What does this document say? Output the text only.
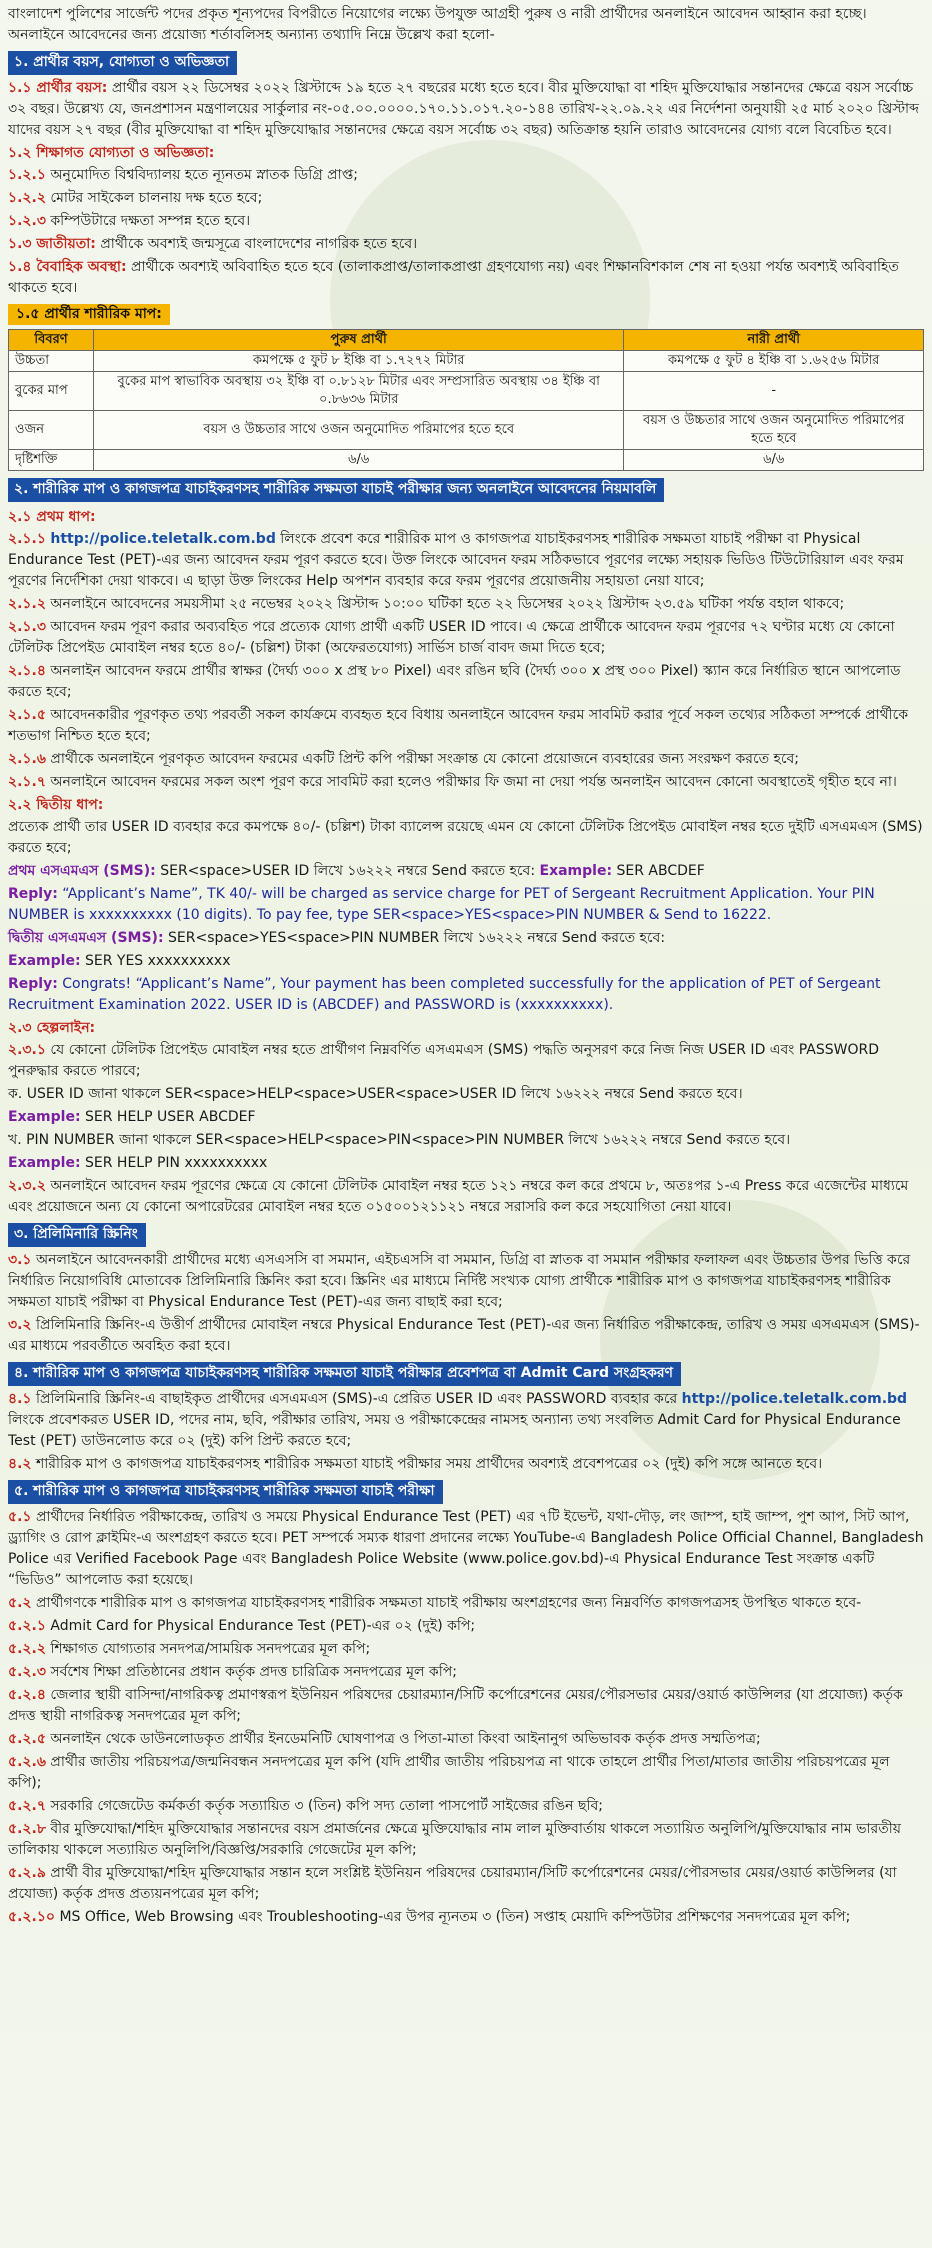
বাংলাদেশ পুলিশের সার্জেন্ট পদের প্রকৃত শূন্যপদের বিপরীতে নিয়োগের লক্ষ্যে উপযুক্ত আগ্রহী পুরুষ ও নারী প্রার্থীদের অনলাইনে আবেদন আহ্বান করা হচ্ছে। অনলাইনে আবেদনের জন্য প্রয়োজ্য শর্তাবলিসহ অন্যান্য তথ্যাদি নিম্নে উল্লেখ করা হলো-

১. প্রার্থীর বয়স, যোগ্যতা ও অভিজ্ঞতা

১.১ প্রার্থীর বয়স: প্রার্থীর বয়স ২২ ডিসেম্বর ২০২২ খ্রিস্টাব্দে ১৯ হতে ২৭ বছরের মধ্যে হতে হবে। বীর মুক্তিযোদ্ধা বা শহিদ মুক্তিযোদ্ধার সন্তানদের ক্ষেত্রে বয়স সর্বোচ্চ ৩২ বছর। উল্লেখ্য যে, জনপ্রশাসন মন্ত্রণালয়ের সার্কুলার নং-০৫.০০.০০০০.১৭০.১১.০১৭.২০-১৪৪ তারিখ-২২.০৯.২২ এর নির্দেশনা অনুযায়ী ২৫ মার্চ ২০২০ খ্রিস্টাব্দ যাদের বয়স ২৭ বছর (বীর মুক্তিযোদ্ধা বা শহিদ মুক্তিযোদ্ধার সন্তানদের ক্ষেত্রে বয়স সর্বোচ্চ ৩২ বছর) অতিক্রান্ত হয়নি তারাও আবেদনের যোগ্য বলে বিবেচিত হবে।

১.২ শিক্ষাগত যোগ্যতা ও অভিজ্ঞতা:

১.২.১ অনুমোদিত বিশ্ববিদ্যালয় হতে ন্যূনতম স্নাতক ডিগ্রি প্রাপ্ত;

১.২.২ মোটর সাইকেল চালনায় দক্ষ হতে হবে;

১.২.৩ কম্পিউটারে দক্ষতা সম্পন্ন হতে হবে।

১.৩ জাতীয়তা: প্রার্থীকে অবশ্যই জন্মসূত্রে বাংলাদেশের নাগরিক হতে হবে।

১.৪ বৈবাহিক অবস্থা: প্রার্থীকে অবশ্যই অবিবাহিত হতে হবে (তালাকপ্রাপ্ত/তালাকপ্রাপ্তা গ্রহণযোগ্য নয়) এবং শিক্ষানবিশকাল শেষ না হওয়া পর্যন্ত অবশ্যই অবিবাহিত থাকতে হবে।

১.৫ প্রার্থীর শারীরিক মাপ:
বিবরণ	পুরুষ প্রার্থী	নারী প্রার্থী
উচ্চতা	কমপক্ষে ৫ ফুট ৮ ইঞ্চি বা ১.৭২৭২ মিটার	কমপক্ষে ৫ ফুট ৪ ইঞ্চি বা ১.৬২৫৬ মিটার
বুকের মাপ	বুকের মাপ স্বাভাবিক অবস্থায় ৩২ ইঞ্চি বা ০.৮১২৮ মিটার এবং সম্প্রসারিত অবস্থায় ৩৪ ইঞ্চি বা ০.৮৬৩৬ মিটার	-
ওজন	বয়স ও উচ্চতার সাথে ওজন অনুমোদিত পরিমাপের হতে হবে	বয়স ও উচ্চতার সাথে ওজন অনুমোদিত পরিমাপের হতে হবে
দৃষ্টিশক্তি	৬/৬	৬/৬
২. শারীরিক মাপ ও কাগজপত্র যাচাইকরণসহ শারীরিক সক্ষমতা যাচাই পরীক্ষার জন্য অনলাইনে আবেদনের নিয়মাবলি
২.১ প্রথম ধাপ:

২.১.১ http://police.teletalk.com.bd লিংকে প্রবেশ করে শারীরিক মাপ ও কাগজপত্র যাচাইকরণসহ শারীরিক সক্ষমতা যাচাই পরীক্ষা বা Physical Endurance Test (PET)-এর জন্য আবেদন ফরম পূরণ করতে হবে। উক্ত লিংকে আবেদন ফরম সঠিকভাবে পূরণের লক্ষ্যে সহায়ক ভিডিও টিউটোরিয়াল এবং ফরম পূরণের নির্দেশিকা দেয়া থাকবে। এ ছাড়া উক্ত লিংকের Help অপশন ব্যবহার করে ফরম পূরণের প্রয়োজনীয় সহায়তা নেয়া যাবে;

২.১.২ অনলাইনে আবেদনের সময়সীমা ২৫ নভেম্বর ২০২২ খ্রিস্টাব্দ ১০:০০ ঘটিকা হতে ২২ ডিসেম্বর ২০২২ খ্রিস্টাব্দ ২৩.৫৯ ঘটিকা পর্যন্ত বহাল থাকবে;

২.১.৩ আবেদন ফরম পূরণ করার অব্যবহিত পরে প্রত্যেক যোগ্য প্রার্থী একটি USER ID পাবে। এ ক্ষেত্রে প্রার্থীকে আবেদন ফরম পূরণের ৭২ ঘণ্টার মধ্যে যে কোনো টেলিটক প্রিপেইড মোবাইল নম্বর হতে ৪০/- (চল্লিশ) টাকা (অফেরতযোগ্য) সার্ভিস চার্জ বাবদ জমা দিতে হবে;

২.১.৪ অনলাইন আবেদন ফরমে প্রার্থীর স্বাক্ষর (দৈর্ঘ্য ৩০০ x প্রস্থ ৮০ Pixel) এবং রঙিন ছবি (দৈর্ঘ্য ৩০০ x প্রস্থ ৩০০ Pixel) স্ক্যান করে নির্ধারিত স্থানে আপলোড করতে হবে;

২.১.৫ আবেদনকারীর পূরণকৃত তথ্য পরবর্তী সকল কার্যক্রমে ব্যবহৃত হবে বিধায় অনলাইনে আবেদন ফরম সাবমিট করার পূর্বে সকল তথ্যের সঠিকতা সম্পর্কে প্রার্থীকে শতভাগ নিশ্চিত হতে হবে;

২.১.৬ প্রার্থীকে অনলাইনে পূরণকৃত আবেদন ফরমের একটি প্রিন্ট কপি পরীক্ষা সংক্রান্ত যে কোনো প্রয়োজনে ব্যবহারের জন্য সংরক্ষণ করতে হবে;

২.১.৭ অনলাইনে আবেদন ফরমের সকল অংশ পূরণ করে সাবমিট করা হলেও পরীক্ষার ফি জমা না দেয়া পর্যন্ত অনলাইন আবেদন কোনো অবস্থাতেই গৃহীত হবে না।

২.২ দ্বিতীয় ধাপ:

প্রত্যেক প্রার্থী তার USER ID ব্যবহার করে কমপক্ষে ৪০/- (চল্লিশ) টাকা ব্যালেন্স রয়েছে এমন যে কোনো টেলিটক প্রিপেইড মোবাইল নম্বর হতে দুইটি এসএমএস (SMS) করতে হবে;

প্রথম এসএমএস (SMS): SER<space>USER ID লিখে ১৬২২২ নম্বরে Send করতে হবে: Example: SER ABCDEF

Reply: “Applicant’s Name”, TK 40/- will be charged as service charge for PET of Sergeant Recruitment Application. Your PIN NUMBER is xxxxxxxxxx (10 digits). To pay fee, type SER<space>YES<space>PIN NUMBER & Send to 16222.

দ্বিতীয় এসএমএস (SMS): SER<space>YES<space>PIN NUMBER লিখে ১৬২২২ নম্বরে Send করতে হবে:

Example: SER YES xxxxxxxxxx

Reply: Congrats! “Applicant’s Name”, Your payment has been completed successfully for the application of PET of Sergeant Recruitment Examination 2022. USER ID is (ABCDEF) and PASSWORD is (xxxxxxxxxx).

২.৩ হেল্পলাইন:

২.৩.১ যে কোনো টেলিটক প্রিপেইড মোবাইল নম্বর হতে প্রার্থীগণ নিম্নবর্ণিত এসএমএস (SMS) পদ্ধতি অনুসরণ করে নিজ নিজ USER ID এবং PASSWORD পুনরুদ্ধার করতে পারবে;

ক. USER ID জানা থাকলে SER<space>HELP<space>USER<space>USER ID লিখে ১৬২২২ নম্বরে Send করতে হবে।

Example: SER HELP USER ABCDEF

খ. PIN NUMBER জানা থাকলে SER<space>HELP<space>PIN<space>PIN NUMBER লিখে ১৬২২২ নম্বরে Send করতে হবে।

Example: SER HELP PIN xxxxxxxxxx

২.৩.২ অনলাইনে আবেদন ফরম পূরণের ক্ষেত্রে যে কোনো টেলিটক মোবাইল নম্বর হতে ১২১ নম্বরে কল করে প্রথমে ৮, অতঃপর ১-এ Press করে এজেন্টের মাধ্যমে এবং প্রয়োজনে অন্য যে কোনো অপারেটরের মোবাইল নম্বর হতে ০১৫০০১২১১২১ নম্বরে সরাসরি কল করে সহযোগিতা নেয়া যাবে।

৩. প্রিলিমিনারি স্ক্রিনিং

৩.১ অনলাইনে আবেদনকারী প্রার্থীদের মধ্যে এসএসসি বা সমমান, এইচএসসি বা সমমান, ডিগ্রি বা স্নাতক বা সমমান পরীক্ষার ফলাফল এবং উচ্চতার উপর ভিত্তি করে নির্ধারিত নিয়োগবিধি মোতাবেক প্রিলিমিনারি স্ক্রিনিং করা হবে। স্ক্রিনিং এর মাধ্যমে নির্দিষ্ট সংখ্যক যোগ্য প্রার্থীকে শারীরিক মাপ ও কাগজপত্র যাচাইকরণসহ শারীরিক সক্ষমতা যাচাই পরীক্ষা বা Physical Endurance Test (PET)-এর জন্য বাছাই করা হবে;

৩.২ প্রিলিমিনারি স্ক্রিনিং-এ উত্তীর্ণ প্রার্থীদের মোবাইল নম্বরে Physical Endurance Test (PET)-এর জন্য নির্ধারিত পরীক্ষাকেন্দ্র, তারিখ ও সময় এসএমএস (SMS)-এর মাধ্যমে পরবর্তীতে অবহিত করা হবে।

৪. শারীরিক মাপ ও কাগজপত্র যাচাইকরণসহ শারীরিক সক্ষমতা যাচাই পরীক্ষার প্রবেশপত্র বা Admit Card সংগ্রহকরণ

৪.১ প্রিলিমিনারি স্ক্রিনিং-এ বাছাইকৃত প্রার্থীদের এসএমএস (SMS)-এ প্রেরিত USER ID এবং PASSWORD ব্যবহার করে http://police.teletalk.com.bd লিংকে প্রবেশকরত USER ID, পদের নাম, ছবি, পরীক্ষার তারিখ, সময় ও পরীক্ষাকেন্দ্রের নামসহ অন্যান্য তথ্য সংবলিত Admit Card for Physical Endurance Test (PET) ডাউনলোড করে ০২ (দুই) কপি প্রিন্ট করতে হবে;

৪.২ শারীরিক মাপ ও কাগজপত্র যাচাইকরণসহ শারীরিক সক্ষমতা যাচাই পরীক্ষার সময় প্রার্থীদের অবশ্যই প্রবেশপত্রের ০২ (দুই) কপি সঙ্গে আনতে হবে।

৫. শারীরিক মাপ ও কাগজপত্র যাচাইকরণসহ শারীরিক সক্ষমতা যাচাই পরীক্ষা

৫.১ প্রার্থীদের নির্ধারিত পরীক্ষাকেন্দ্র, তারিখ ও সময়ে Physical Endurance Test (PET) এর ৭টি ইভেন্ট, যথা-দৌড়, লং জাম্প, হাই জাম্প, পুশ আপ, সিট আপ, ড্র্যাগিং ও রোপ ক্লাইমিং-এ অংশগ্রহণ করতে হবে। PET সম্পর্কে সম্যক ধারণা প্রদানের লক্ষ্যে YouTube-এ Bangladesh Police Official Channel, Bangladesh Police এর Verified Facebook Page এবং Bangladesh Police Website (www.police.gov.bd)-এ Physical Endurance Test সংক্রান্ত একটি “ভিডিও” আপলোড করা হয়েছে।

৫.২ প্রার্থীগণকে শারীরিক মাপ ও কাগজপত্র যাচাইকরণসহ শারীরিক সক্ষমতা যাচাই পরীক্ষায় অংশগ্রহণের জন্য নিম্নবর্ণিত কাগজপত্রসহ উপস্থিত থাকতে হবে-

৫.২.১ Admit Card for Physical Endurance Test (PET)-এর ০২ (দুই) কপি;

৫.২.২ শিক্ষাগত যোগ্যতার সনদপত্র/সাময়িক সনদপত্রের মূল কপি;

৫.২.৩ সর্বশেষ শিক্ষা প্রতিষ্ঠানের প্রধান কর্তৃক প্রদত্ত চারিত্রিক সনদপত্রের মূল কপি;

৫.২.৪ জেলার স্থায়ী বাসিন্দা/নাগরিকত্ব প্রমাণস্বরূপ ইউনিয়ন পরিষদের চেয়ারম্যান/সিটি কর্পোরেশনের মেয়র/পৌরসভার মেয়র/ওয়ার্ড কাউন্সিলর (যা প্রযোজ্য) কর্তৃক প্রদত্ত স্থায়ী নাগরিকত্ব সনদপত্রের মূল কপি;

৫.২.৫ অনলাইন থেকে ডাউনলোডকৃত প্রার্থীর ইনডেমনিটি ঘোষণাপত্র ও পিতা-মাতা কিংবা আইনানুগ অভিভাবক কর্তৃক প্রদত্ত সম্মতিপত্র;

৫.২.৬ প্রার্থীর জাতীয় পরিচয়পত্র/জন্মনিবন্ধন সনদপত্রের মূল কপি (যদি প্রার্থীর জাতীয় পরিচয়পত্র না থাকে তাহলে প্রার্থীর পিতা/মাতার জাতীয় পরিচয়পত্রের মূল কপি);

৫.২.৭ সরকারি গেজেটেড কর্মকর্তা কর্তৃক সত্যায়িত ৩ (তিন) কপি সদ্য তোলা পাসপোর্ট সাইজের রঙিন ছবি;

৫.২.৮ বীর মুক্তিযোদ্ধা/শহিদ মুক্তিযোদ্ধার সন্তানদের বয়স প্রমার্জনের ক্ষেত্রে মুক্তিযোদ্ধার নাম লাল মুক্তিবার্তায় থাকলে সত্যায়িত অনুলিপি/মুক্তিযোদ্ধার নাম ভারতীয় তালিকায় থাকলে সত্যায়িত অনুলিপি/বিজ্ঞপ্তি/সরকারি গেজেটের মূল কপি;

৫.২.৯ প্রার্থী বীর মুক্তিযোদ্ধা/শহিদ মুক্তিযোদ্ধার সন্তান হলে সংশ্লিষ্ট ইউনিয়ন পরিষদের চেয়ারম্যান/সিটি কর্পোরেশনের মেয়র/পৌরসভার মেয়র/ওয়ার্ড কাউন্সিলর (যা প্রযোজ্য) কর্তৃক প্রদত্ত প্রত্যয়নপত্রের মূল কপি;

৫.২.১০ MS Office, Web Browsing এবং Troubleshooting-এর উপর ন্যূনতম ৩ (তিন) সপ্তাহ মেয়াদি কম্পিউটার প্রশিক্ষণের সনদপত্রের মূল কপি;
